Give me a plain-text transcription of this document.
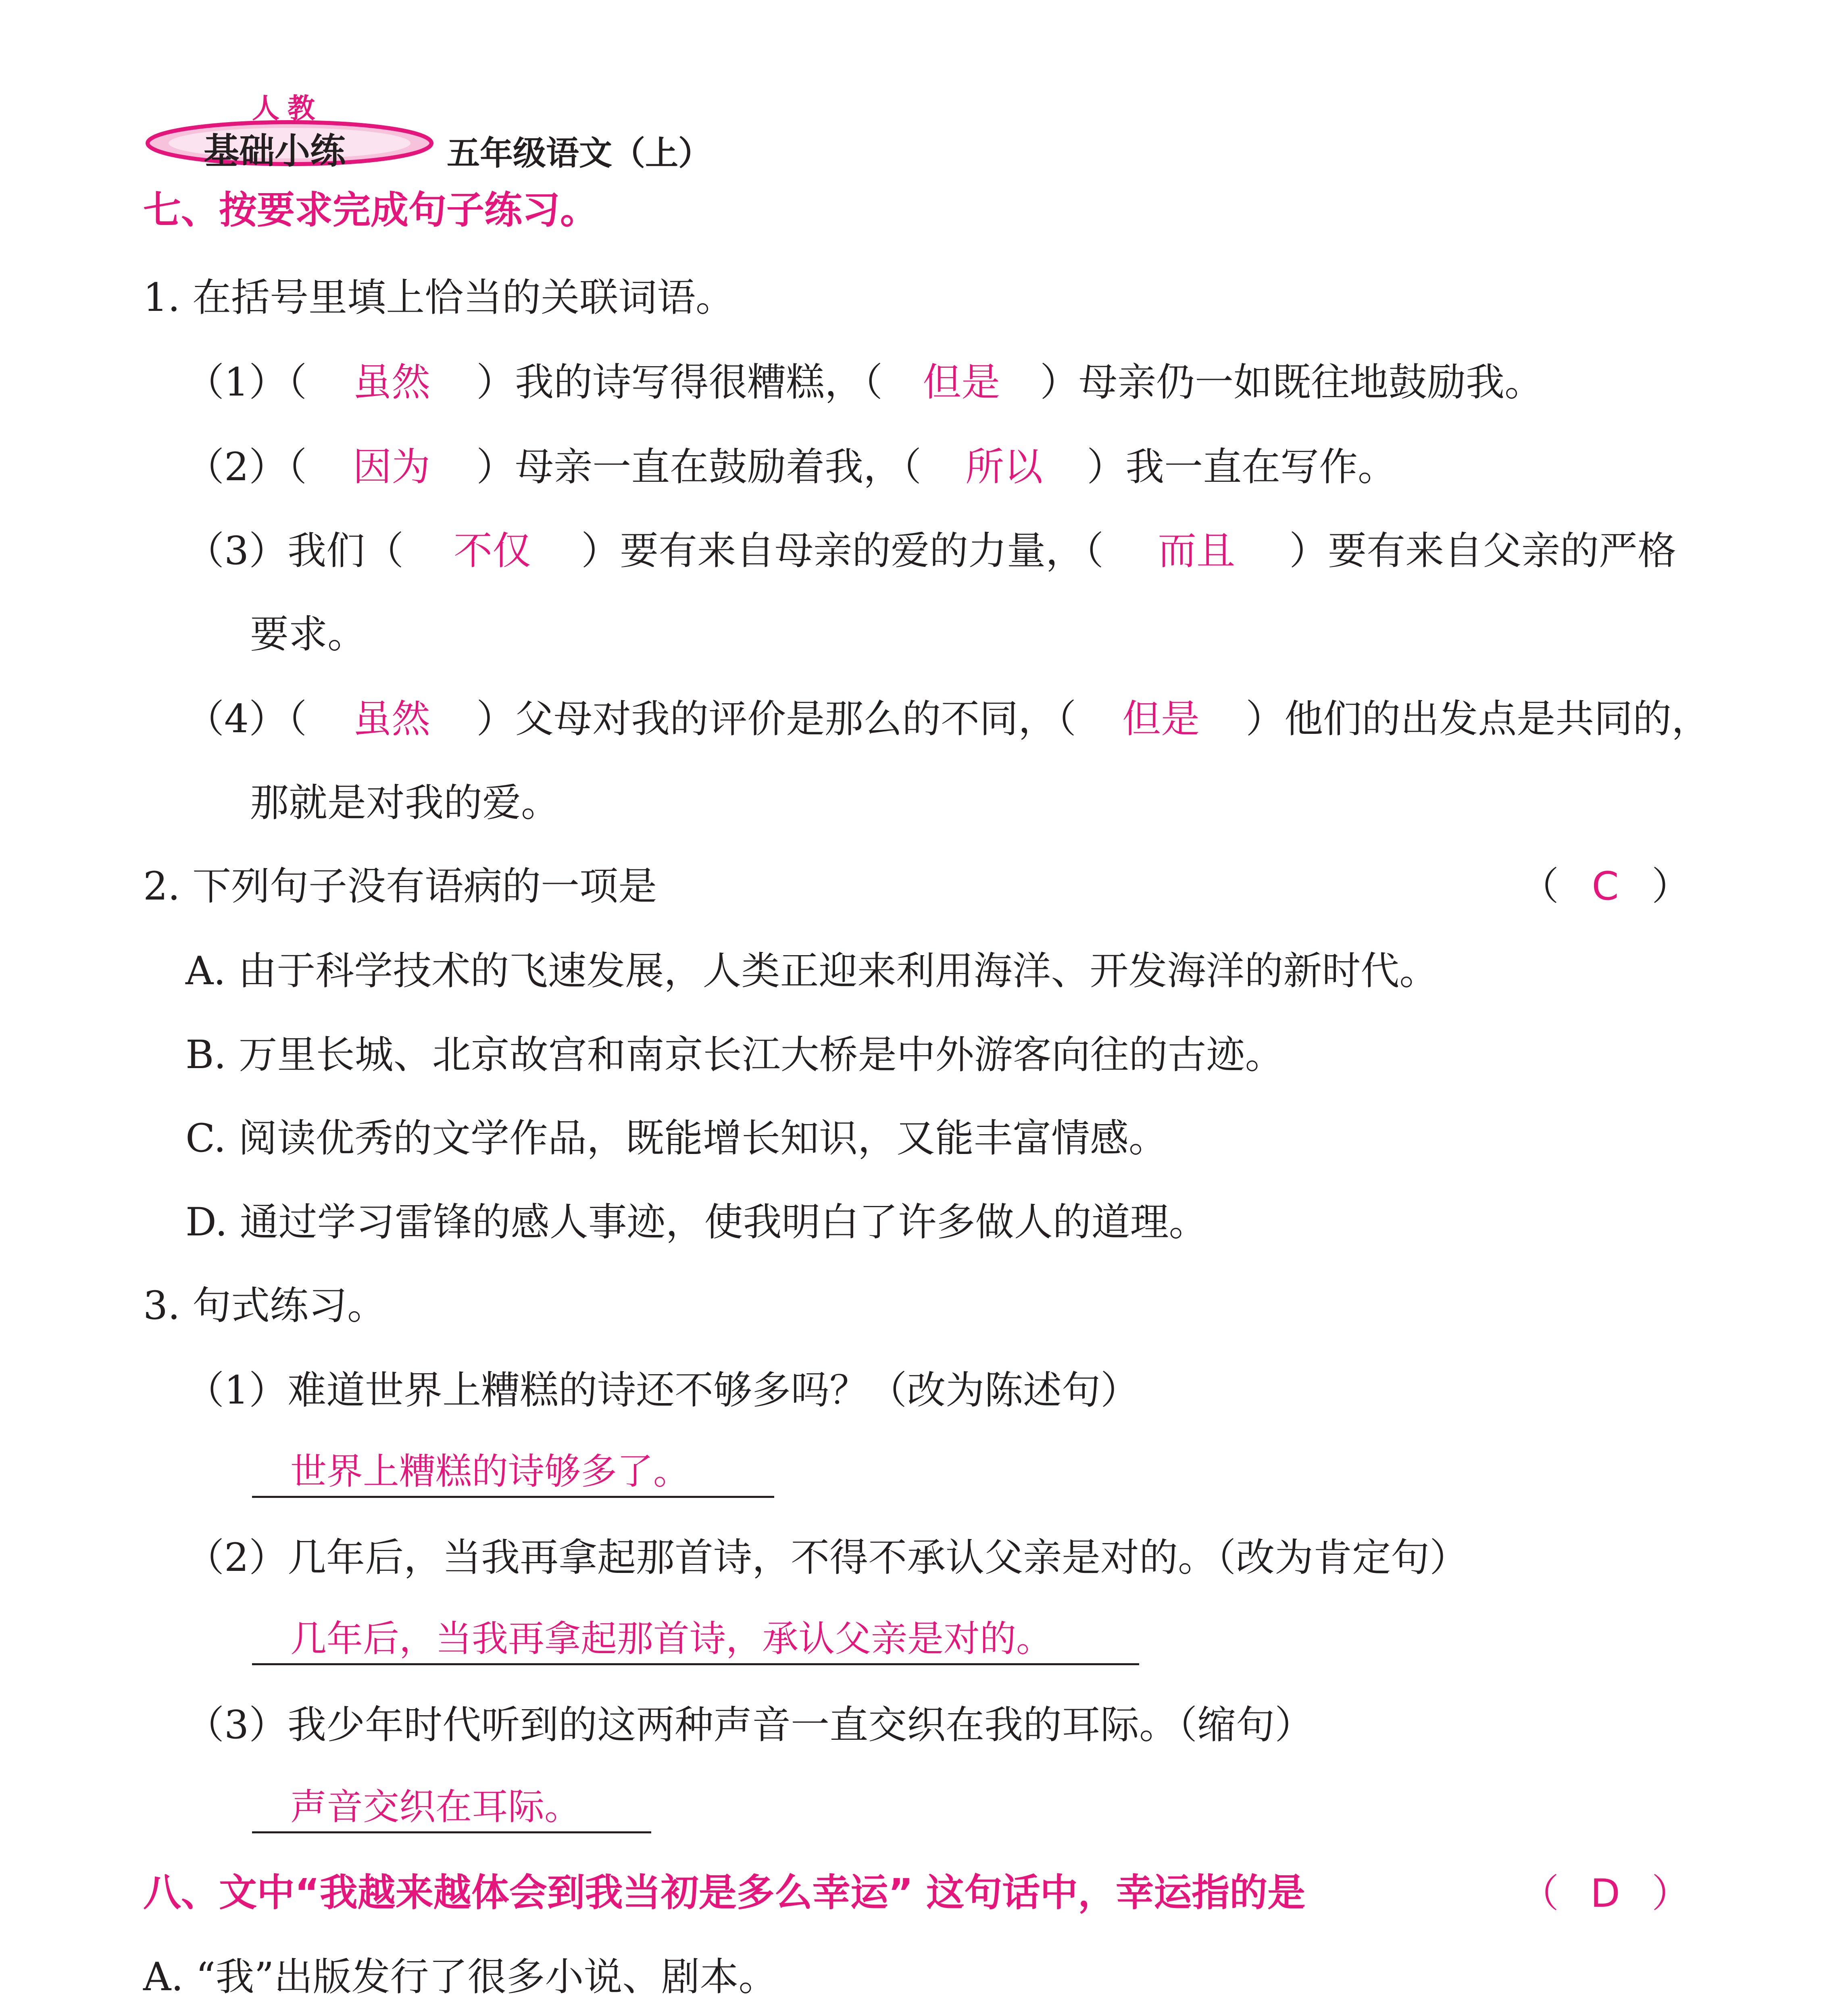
人教
基础小练	五年级语文（上）
七、按要求完成句子练习。
1. 在括号里填上恰当的关联词语。
（1）（ 虽然 ）我的诗写得很糟糕，（ 但是 ）母亲仍一如既往地鼓励我。
（2）（ 因为 ）母亲一直在鼓励着我，（ 所以 ）我一直在写作。
（3）我们（ 不仅 ）要有来自母亲的爱的力量，（ 而且 ）要有来自父亲的严格
要求。
（4）（ 虽然 ）父母对我的评价是那么的不同，（ 但是 ）他们的出发点是共同的，
那就是对我的爱。
2. 下列句子没有语病的一项是	（ C ）
A. 由于科学技术的飞速发展，人类正迎来利用海洋、开发海洋的新时代。
B. 万里长城、北京故宫和南京长江大桥是中外游客向往的古迹。
C. 阅读优秀的文学作品，既能增长知识，又能丰富情感。
D. 通过学习雷锋的感人事迹，使我明白了许多做人的道理。
3. 句式练习。
（1）难道世界上糟糕的诗还不够多吗？（改为陈述句）
世界上糟糕的诗够多了。
（2）几年后，当我再拿起那首诗，不得不承认父亲是对的。（改为肯定句）
几年后，当我再拿起那首诗，承认父亲是对的。
（3）我少年时代听到的这两种声音一直交织在我的耳际。（缩句）
声音交织在耳际。
八、文中“我越来越体会到我当初是多么幸运” 这句话中，幸运指的是	（ D ）
A. “我”出版发行了很多小说、剧本。
